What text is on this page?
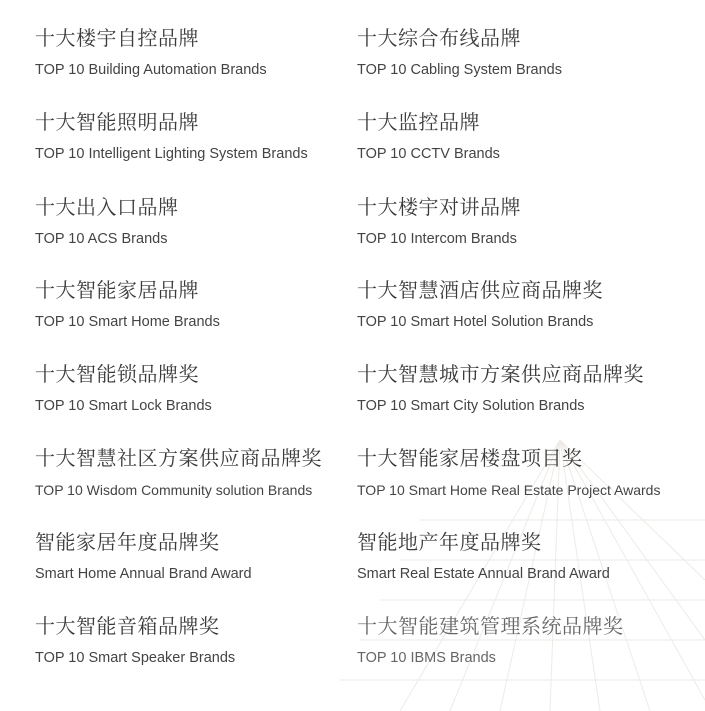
十大楼宇自控品牌
TOP 10 Building Automation Brands
十大综合布线品牌
TOP 10 Cabling System Brands
十大智能照明品牌
TOP 10 Intelligent Lighting System Brands
十大监控品牌
TOP 10 CCTV Brands
十大出入口品牌
TOP 10 ACS Brands
十大楼宇对讲品牌
TOP 10 Intercom Brands
十大智能家居品牌
TOP 10 Smart Home Brands
十大智慧酒店供应商品牌奖
TOP 10 Smart Hotel Solution Brands
十大智能锁品牌奖
TOP 10 Smart Lock Brands
十大智慧城市方案供应商品牌奖
TOP 10 Smart City Solution Brands
十大智慧社区方案供应商品牌奖
TOP 10 Wisdom Community solution Brands
十大智能家居楼盘项目奖
TOP 10 Smart Home Real Estate Project Awards
智能家居年度品牌奖
Smart Home Annual Brand Award
智能地产年度品牌奖
Smart Real Estate Annual Brand Award
十大智能音箱品牌奖
TOP 10 Smart Speaker Brands
十大智能建筑管理系统品牌奖
TOP 10 IBMS Brands
